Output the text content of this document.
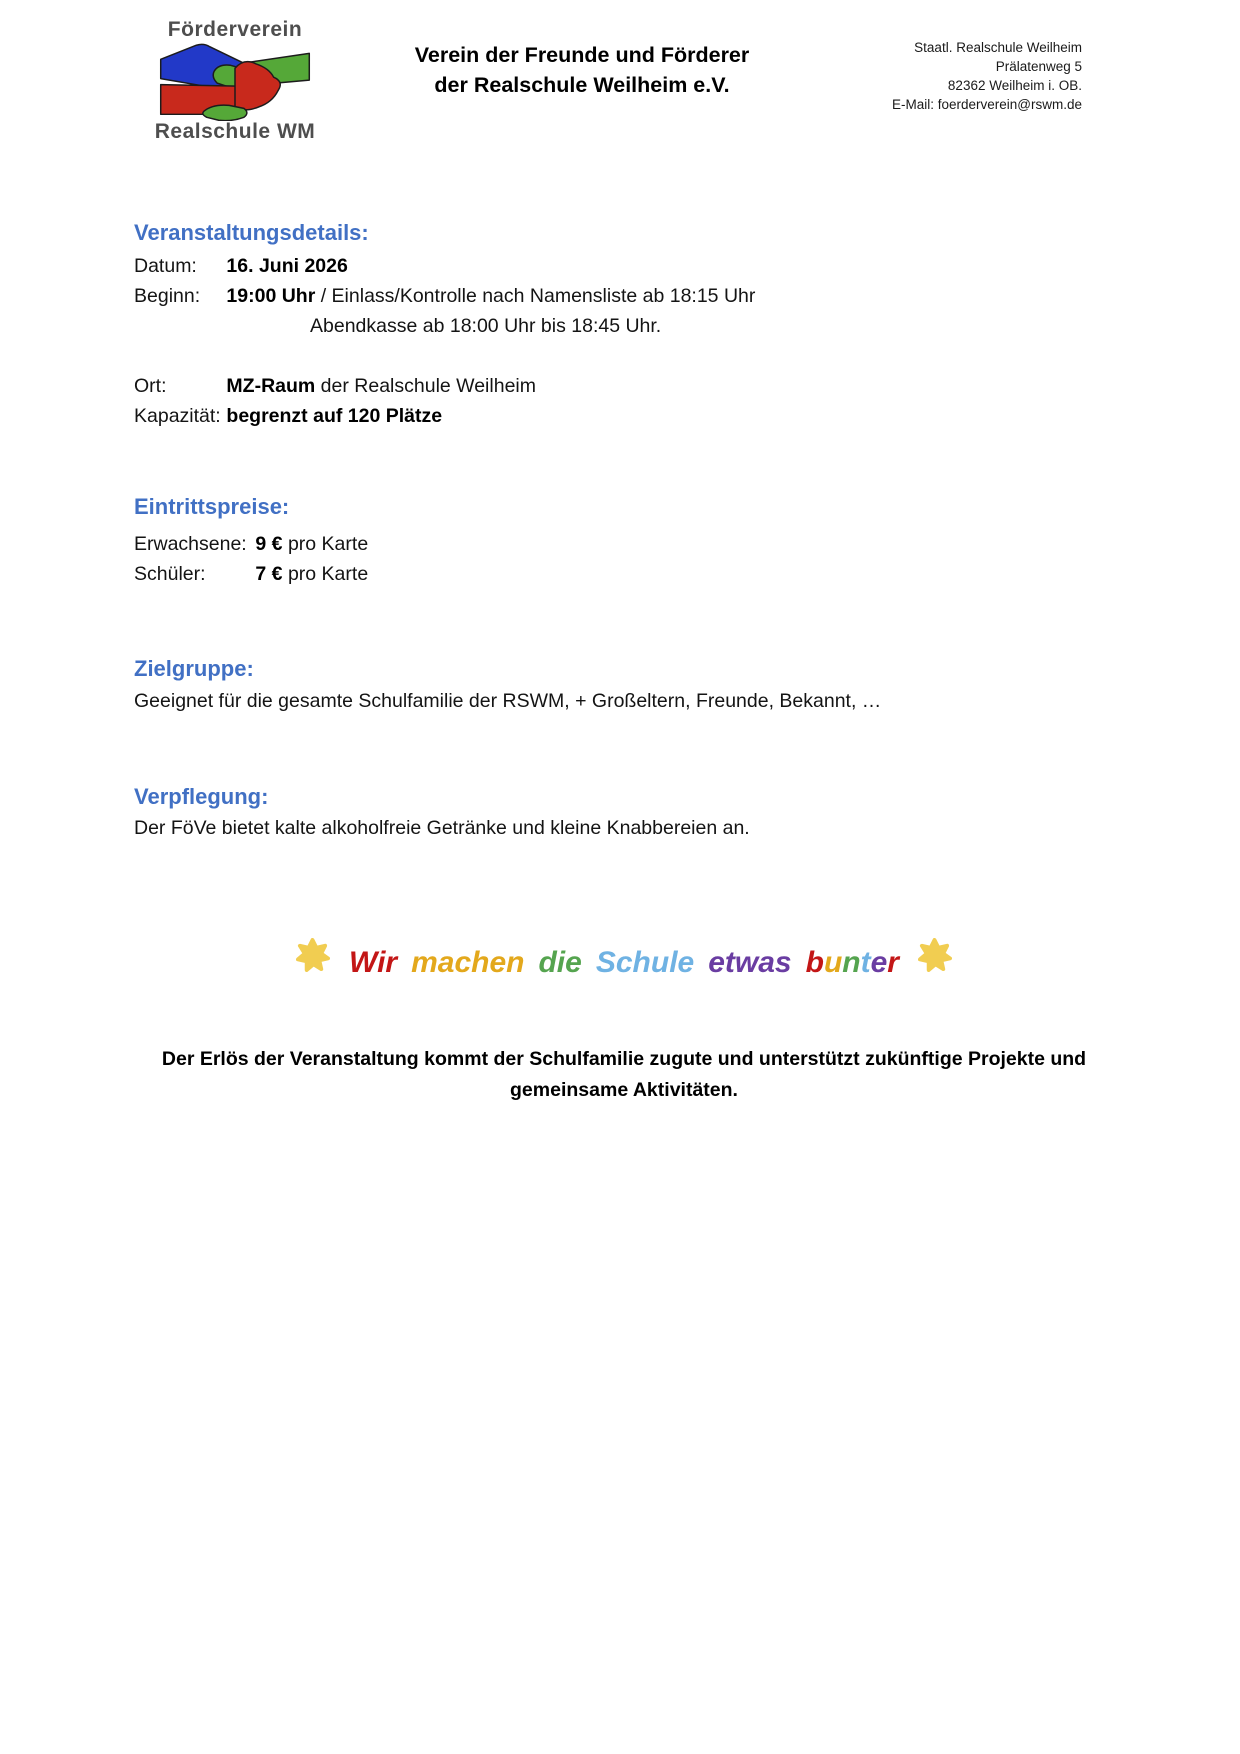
Förderverein
Realschule WM
Verein der Freunde und Förderer
der Realschule Weilheim e.V.
Staatl. Realschule Weilheim
Prälatenweg 5
82362 Weilheim i. OB.
E-Mail: foerderverein@rswm.de
Veranstaltungsdetails:
Datum: 16. Juni 2026
Beginn: 19:00 Uhr / Einlass/Kontrolle nach Namensliste ab 18:15 Uhr
Abendkasse ab 18:00 Uhr bis 18:45 Uhr.
Ort:	MZ-Raum der Realschule Weilheim
Kapazität: begrenzt auf 120 Plätze
Eintrittspreise:
Erwachsene: 9 € pro Karte
Schüler:	7 € pro Karte
Zielgruppe:
Geeignet für die gesamte Schulfamilie der RSWM, + Großeltern, Freunde, Bekannt, …
Verpflegung:
Der FöVe bietet kalte alkoholfreie Getränke und kleine Knabbereien an.
Wir machen die Schule etwas bunter
Der Erlös der Veranstaltung kommt der Schulfamilie zugute und unterstützt zukünftige Projekte und gemeinsame Aktivitäten.
